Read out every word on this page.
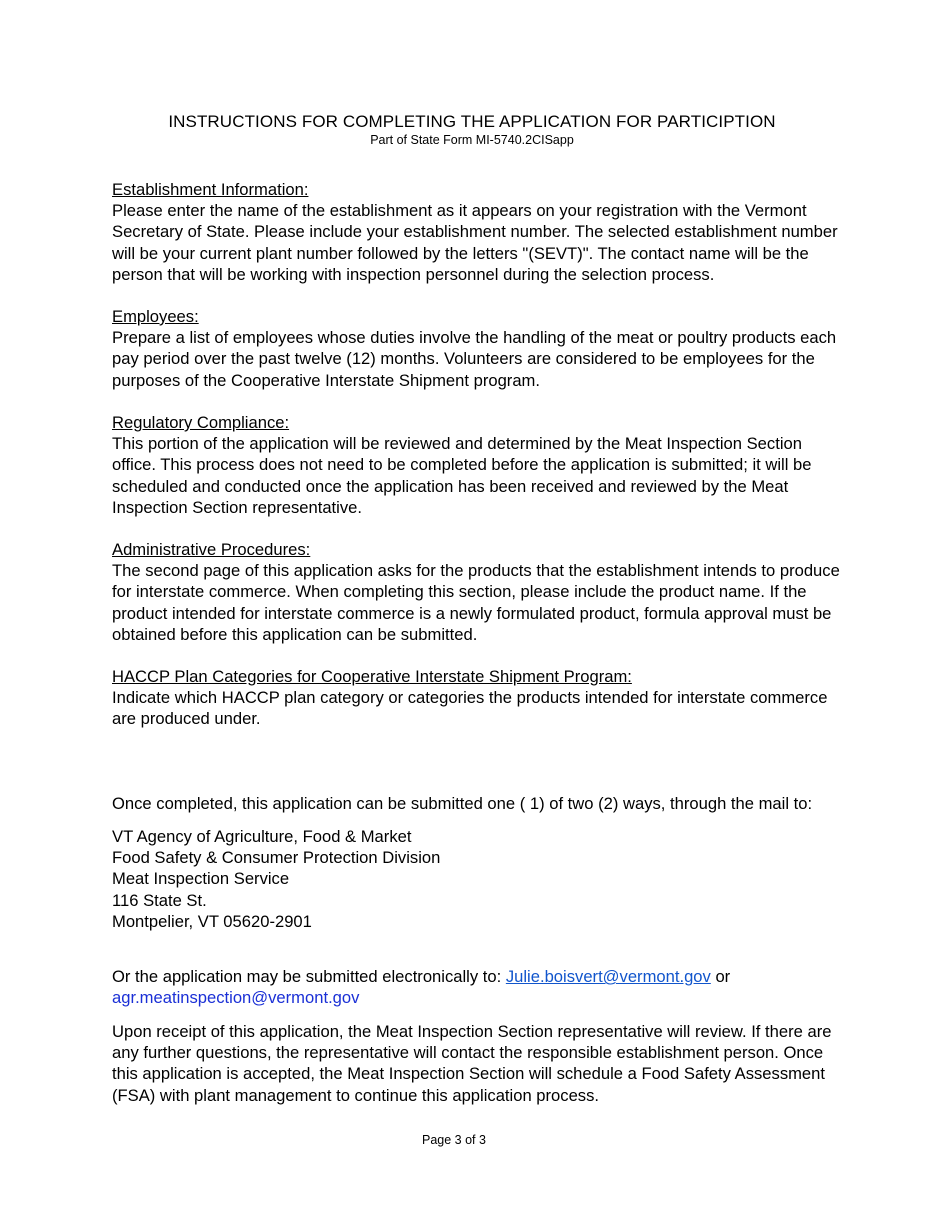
INSTRUCTIONS FOR COMPLETING THE APPLICATION FOR PARTICIPTION
Part of State Form MI-5740.2CISapp
Establishment Information:
Please enter the name of the establishment as it appears on your registration with the Vermont Secretary of State. Please include your establishment number. The selected establishment number will be your current plant number followed by the letters "(SEVT)". The contact name will be the person that will be working with inspection personnel during the selection process.
Employees:
Prepare a list of employees whose duties involve the handling of the meat or poultry products each pay period over the past twelve (12) months. Volunteers are considered to be employees for the purposes of the Cooperative Interstate Shipment program.
Regulatory Compliance:
This portion of the application will be reviewed and determined by the Meat Inspection Section office. This process does not need to be completed before the application is submitted; it will be scheduled and conducted once the application has been received and reviewed by the Meat Inspection Section representative.
Administrative Procedures:
The second page of this application asks for the products that the establishment intends to produce for interstate commerce. When completing this section, please include the product name. If the product intended for interstate commerce is a newly formulated product, formula approval must be obtained before this application can be submitted.
HACCP Plan Categories for Cooperative Interstate Shipment Program:
Indicate which HACCP plan category or categories the products intended for interstate commerce are produced under.
Once completed, this application can be submitted one ( 1) of two (2) ways, through the mail to:
VT Agency of Agriculture, Food & Market
Food Safety & Consumer Protection Division
Meat Inspection Service
116 State St.
Montpelier, VT 05620-2901
Or the application may be submitted electronically to: Julie.boisvert@vermont.gov or
agr.meatinspection@vermont.gov
Upon receipt of this application, the Meat Inspection Section representative will review. If there are any further questions, the representative will contact the responsible establishment person. Once this application is accepted, the Meat Inspection Section will schedule a Food Safety Assessment (FSA) with plant management to continue this application process.
Page 3 of 3
